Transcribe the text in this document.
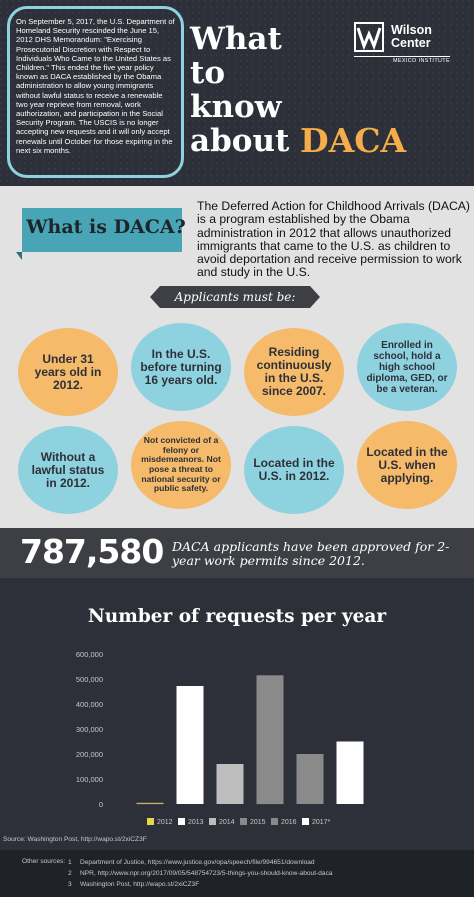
On September 5, 2017, the U.S. Department of Homeland Security rescinded the June 15, 2012 DHS Memorandum: "Exercising Prosecutorial Discretion with Respect to Individuals Who Came to the United States as Children." This ended the five year policy known as DACA established by the Obama administration to allow young immigrants without lawful status to receive a renewable two year reprieve from removal, work authorization, and participation in the Social Security Program. The USCIS is no longer accepting new requests and it will only accept renewals until October for those expiring in the next six months.
What
to
know
about DACA
Wilson
Center
MEXICO INSTITUTE
What is DACA?
The Deferred Action for Childhood Arrivals (DACA) is a program established by the Obama administration in 2012 that allows unauthorized immigrants that came to the U.S. as children to avoid deportation and receive permission to work and study in the U.S.
Applicants must be:
Under 31 years old in 2012.
In the U.S. before turning 16 years old.
Residing continuously in the U.S. since 2007.
Enrolled in school, hold a high school diploma, GED, or be a veteran.
Without a lawful status in 2012.
Not convicted of a felony or misdemeanors. Not pose a threat to national security or public safety.
Located in the U.S. in 2012.
Located in the U.S. when applying.
787,580 DACA applicants have been approved for 2-year work permits since 2012.
Number of requests per year
0
100,000
200,000
300,000
400,000
500,000
600,000
2012 2013 2014 2015 2016 2017*
Source: Washington Post, http://wapo.st/2xiCZ3F
Other sources: 1 Department of Justice, https://www.justice.gov/opa/speech/file/994651/download
2 NPR, http://www.npr.org/2017/09/05/548754723/5-things-you-should-know-about-daca
3 Washington Post, http://wapo.st/2xiCZ3F
